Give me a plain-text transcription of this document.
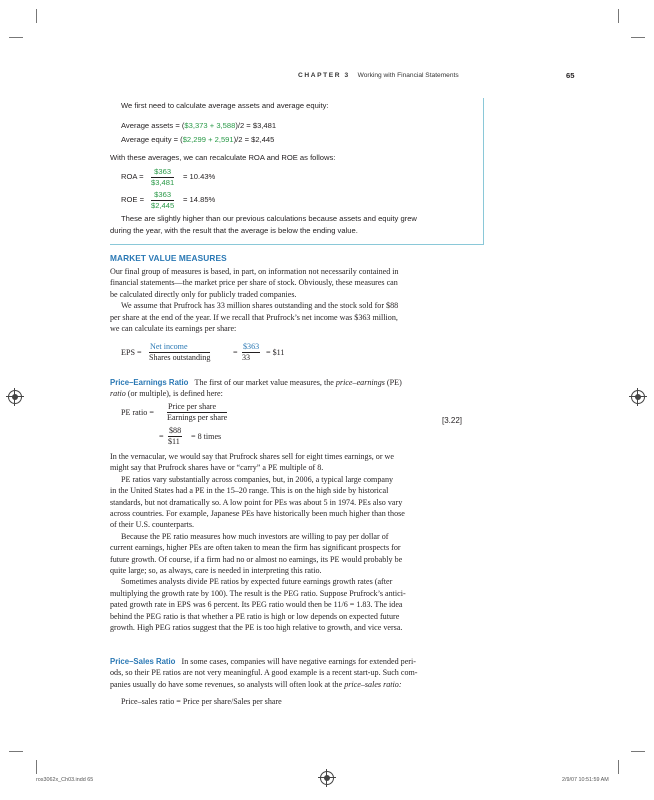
CHAPTER 3 Working with Financial Statements	65
We first need to calculate average assets and average equity:
Average assets = ($3,373 + 3,588)/2 = $3,481
Average equity = ($2,299 + 2,591)/2 = $2,445
With these averages, we can recalculate ROA and ROE as follows:
ROA = $\frac{\$363}{\$3,481} = 10.43\%$
ROE = $\frac{\$363}{\$2,445} = 14.85\%$
These are slightly higher than our previous calculations because assets and equity grew
during the year, with the result that the average is below the ending value.
MARKET VALUE MEASURES
Our final group of measures is based, in part, on information not necessarily contained in
financial statements—the market price per share of stock. Obviously, these measures can
be calculated directly only for publicly traded companies.
We assume that Prufrock has 33 million shares outstanding and the stock sold for $88
per share at the end of the year. If we recall that Prufrock’s net income was $363 million,
we can calculate its earnings per share:
EPS =
Net income
Shares outstanding
= $\frac{\$363}{33}$ = $11
Price–Earnings Ratio The first of our market value measures, the price–earnings (PE)
ratio (or multiple), is defined here:
PE ratio =
Price per share
Earnings per share	[3.22]
= $\frac{\$88}{\$11} = 8$ times
In the vernacular, we would say that Prufrock shares sell for eight times earnings, or we
might say that Prufrock shares have or “carry” a PE multiple of 8.
PE ratios vary substantially across companies, but, in 2006, a typical large company
in the United States had a PE in the 15–20 range. This is on the high side by historical
standards, but not dramatically so. A low point for PEs was about 5 in 1974. PEs also vary
across countries. For example, Japanese PEs have historically been much higher than those
of their U.S. counterparts.
Because the PE ratio measures how much investors are willing to pay per dollar of
current earnings, higher PEs are often taken to mean the firm has significant prospects for
future growth. Of course, if a firm had no or almost no earnings, its PE would probably be
quite large; so, as always, care is needed in interpreting this ratio.
Sometimes analysts divide PE ratios by expected future earnings growth rates (after
multiplying the growth rate by 100). The result is the PEG ratio. Suppose Prufrock’s antici-
pated growth rate in EPS was 6 percent. Its PEG ratio would then be 11/6 = 1.83. The idea
behind the PEG ratio is that whether a PE ratio is high or low depends on expected future
growth. High PEG ratios suggest that the PE is too high relative to growth, and vice versa.
Price–Sales Ratio In some cases, companies will have negative earnings for extended peri-
ods, so their PE ratios are not very meaningful. A good example is a recent start-up. Such com-
panies usually do have some revenues, so analysts will often look at the price–sales ratio:
Price–sales ratio = Price per share/Sales per share
ros3062x_Ch03.indd 65	2/9/07 10:51:59 AM
